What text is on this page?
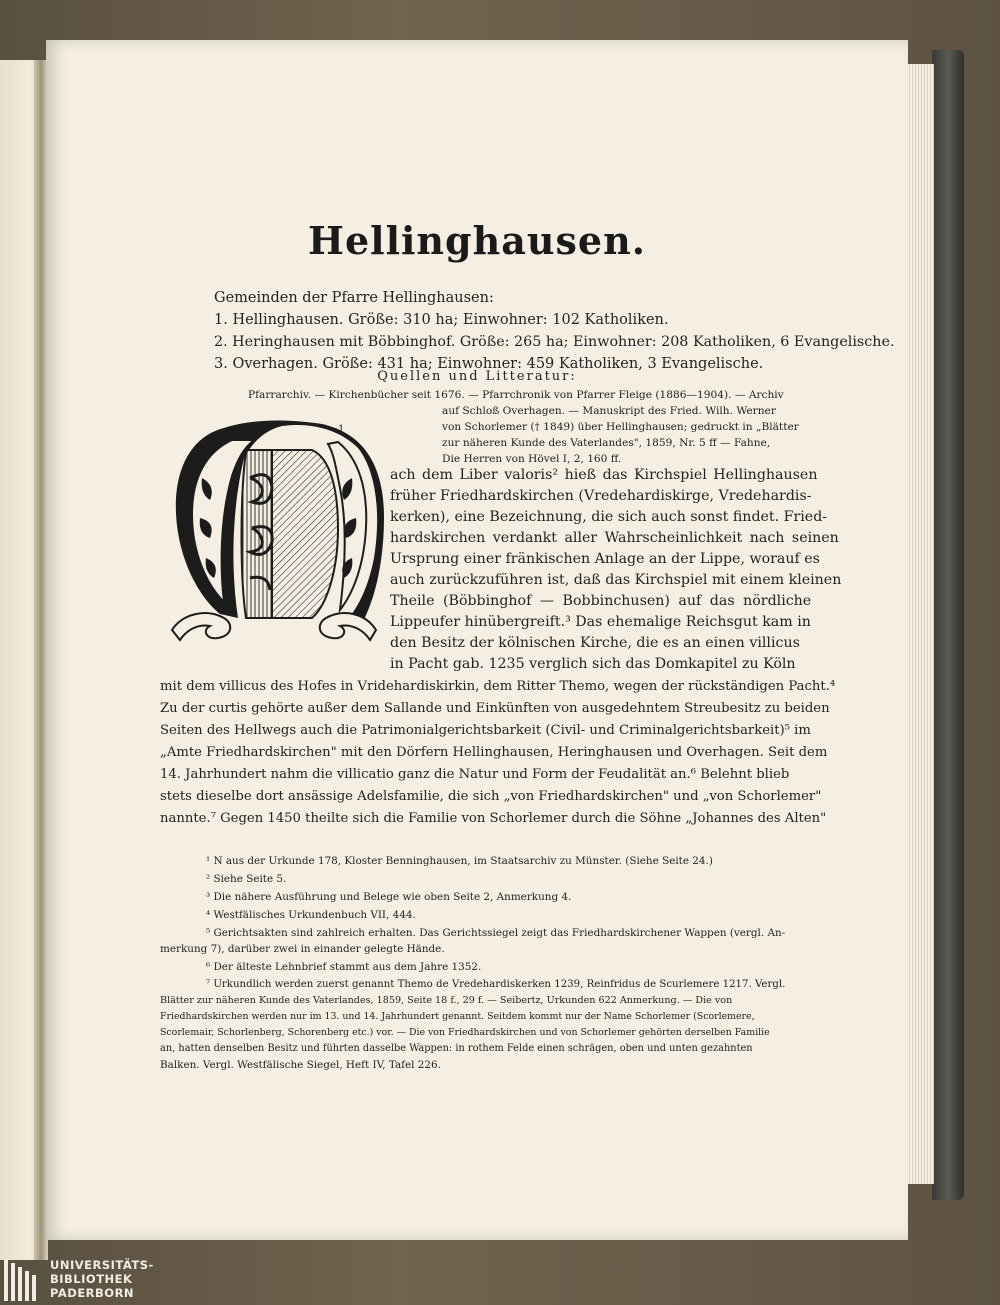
Hellinghausen.
Gemeinden der Pfarre Hellinghausen:
1. Hellinghausen. Größe: 310 ha; Einwohner: 102 Katholiken.
2. Heringhausen mit Böbbinghof. Größe: 265 ha; Einwohner: 208 Katholiken, 6 Evangelische.
3. Overhagen. Größe: 431 ha; Einwohner: 459 Katholiken, 3 Evangelische.
Quellen und Litteratur:
Pfarrarchiv. — Kirchenbücher seit 1676. — Pfarrchronik von Pfarrer Fleige (1886—1904). — Archiv
auf Schloß Overhagen. — Manuskript des Fried. Wilh. Werner
von Schorlemer († 1849) über Hellinghausen; gedruckt in „Blätter
zur näheren Kunde des Vaterlandes", 1859, Nr. 5 ff — Fahne,
Die Herren von Hövel I, 2, 160 ff.
1
ach dem Liber valoris² hieß das Kirchspiel Hellinghausen
früher Friedhardskirchen (Vredehardiskirge, Vredehardis-
kerken), eine Bezeichnung, die sich auch sonst findet. Fried-
hardskirchen verdankt aller Wahrscheinlichkeit nach seinen
Ursprung einer fränkischen Anlage an der Lippe, worauf es
auch zurückzuführen ist, daß das Kirchspiel mit einem kleinen
Theile (Böbbinghof — Bobbinchusen) auf das nördliche
Lippeufer hinübergreift.³ Das ehemalige Reichsgut kam in
den Besitz der kölnischen Kirche, die es an einen villicus
in Pacht gab. 1235 verglich sich das Domkapitel zu Köln
mit dem villicus des Hofes in Vridehardiskirkin, dem Ritter Themo, wegen der rückständigen Pacht.⁴
Zu der curtis gehörte außer dem Sallande und Einkünften von ausgedehntem Streubesitz zu beiden
Seiten des Hellwegs auch die Patrimonialgerichtsbarkeit (Civil- und Criminalgerichtsbarkeit)⁵ im
„Amte Friedhardskirchen" mit den Dörfern Hellinghausen, Heringhausen und Overhagen. Seit dem
14. Jahrhundert nahm die villicatio ganz die Natur und Form der Feudalität an.⁶ Belehnt blieb
stets dieselbe dort ansässige Adelsfamilie, die sich „von Friedhardskirchen" und „von Schorlemer"
nannte.⁷ Gegen 1450 theilte sich die Familie von Schorlemer durch die Söhne „Johannes des Alten"
¹ N aus der Urkunde 178, Kloster Benninghausen, im Staatsarchiv zu Münster. (Siehe Seite 24.)
² Siehe Seite 5.
³ Die nähere Ausführung und Belege wie oben Seite 2, Anmerkung 4.
⁴ Westfälisches Urkundenbuch VII, 444.
⁵ Gerichtsakten sind zahlreich erhalten. Das Gerichtssiegel zeigt das Friedhardskirchener Wappen (vergl. An-
merkung 7), darüber zwei in einander gelegte Hände.
⁶ Der älteste Lehnbrief stammt aus dem Jahre 1352.
⁷ Urkundlich werden zuerst genannt Themo de Vredehardiskerken 1239, Reinfridus de Scurlemere 1217. Vergl.
Blätter zur näheren Kunde des Vaterlandes, 1859, Seite 18 f., 29 f. — Seibertz, Urkunden 622 Anmerkung. — Die von
Friedhardskirchen werden nur im 13. und 14. Jahrhundert genannt. Seitdem kommt nur der Name Schorlemer (Scorlemere,
Scorlemair, Schorlenberg, Schorenberg etc.) vor. — Die von Friedhardskirchen und von Schorlemer gehörten derselben Familie
an, hatten denselben Besitz und führten dasselbe Wappen: in rothem Felde einen schrägen, oben und unten gezahnten
Balken. Vergl. Westfälische Siegel, Heft IV, Tafel 226.
UNIVERSITÄTS-
BIBLIOTHEK
PADERBORN
